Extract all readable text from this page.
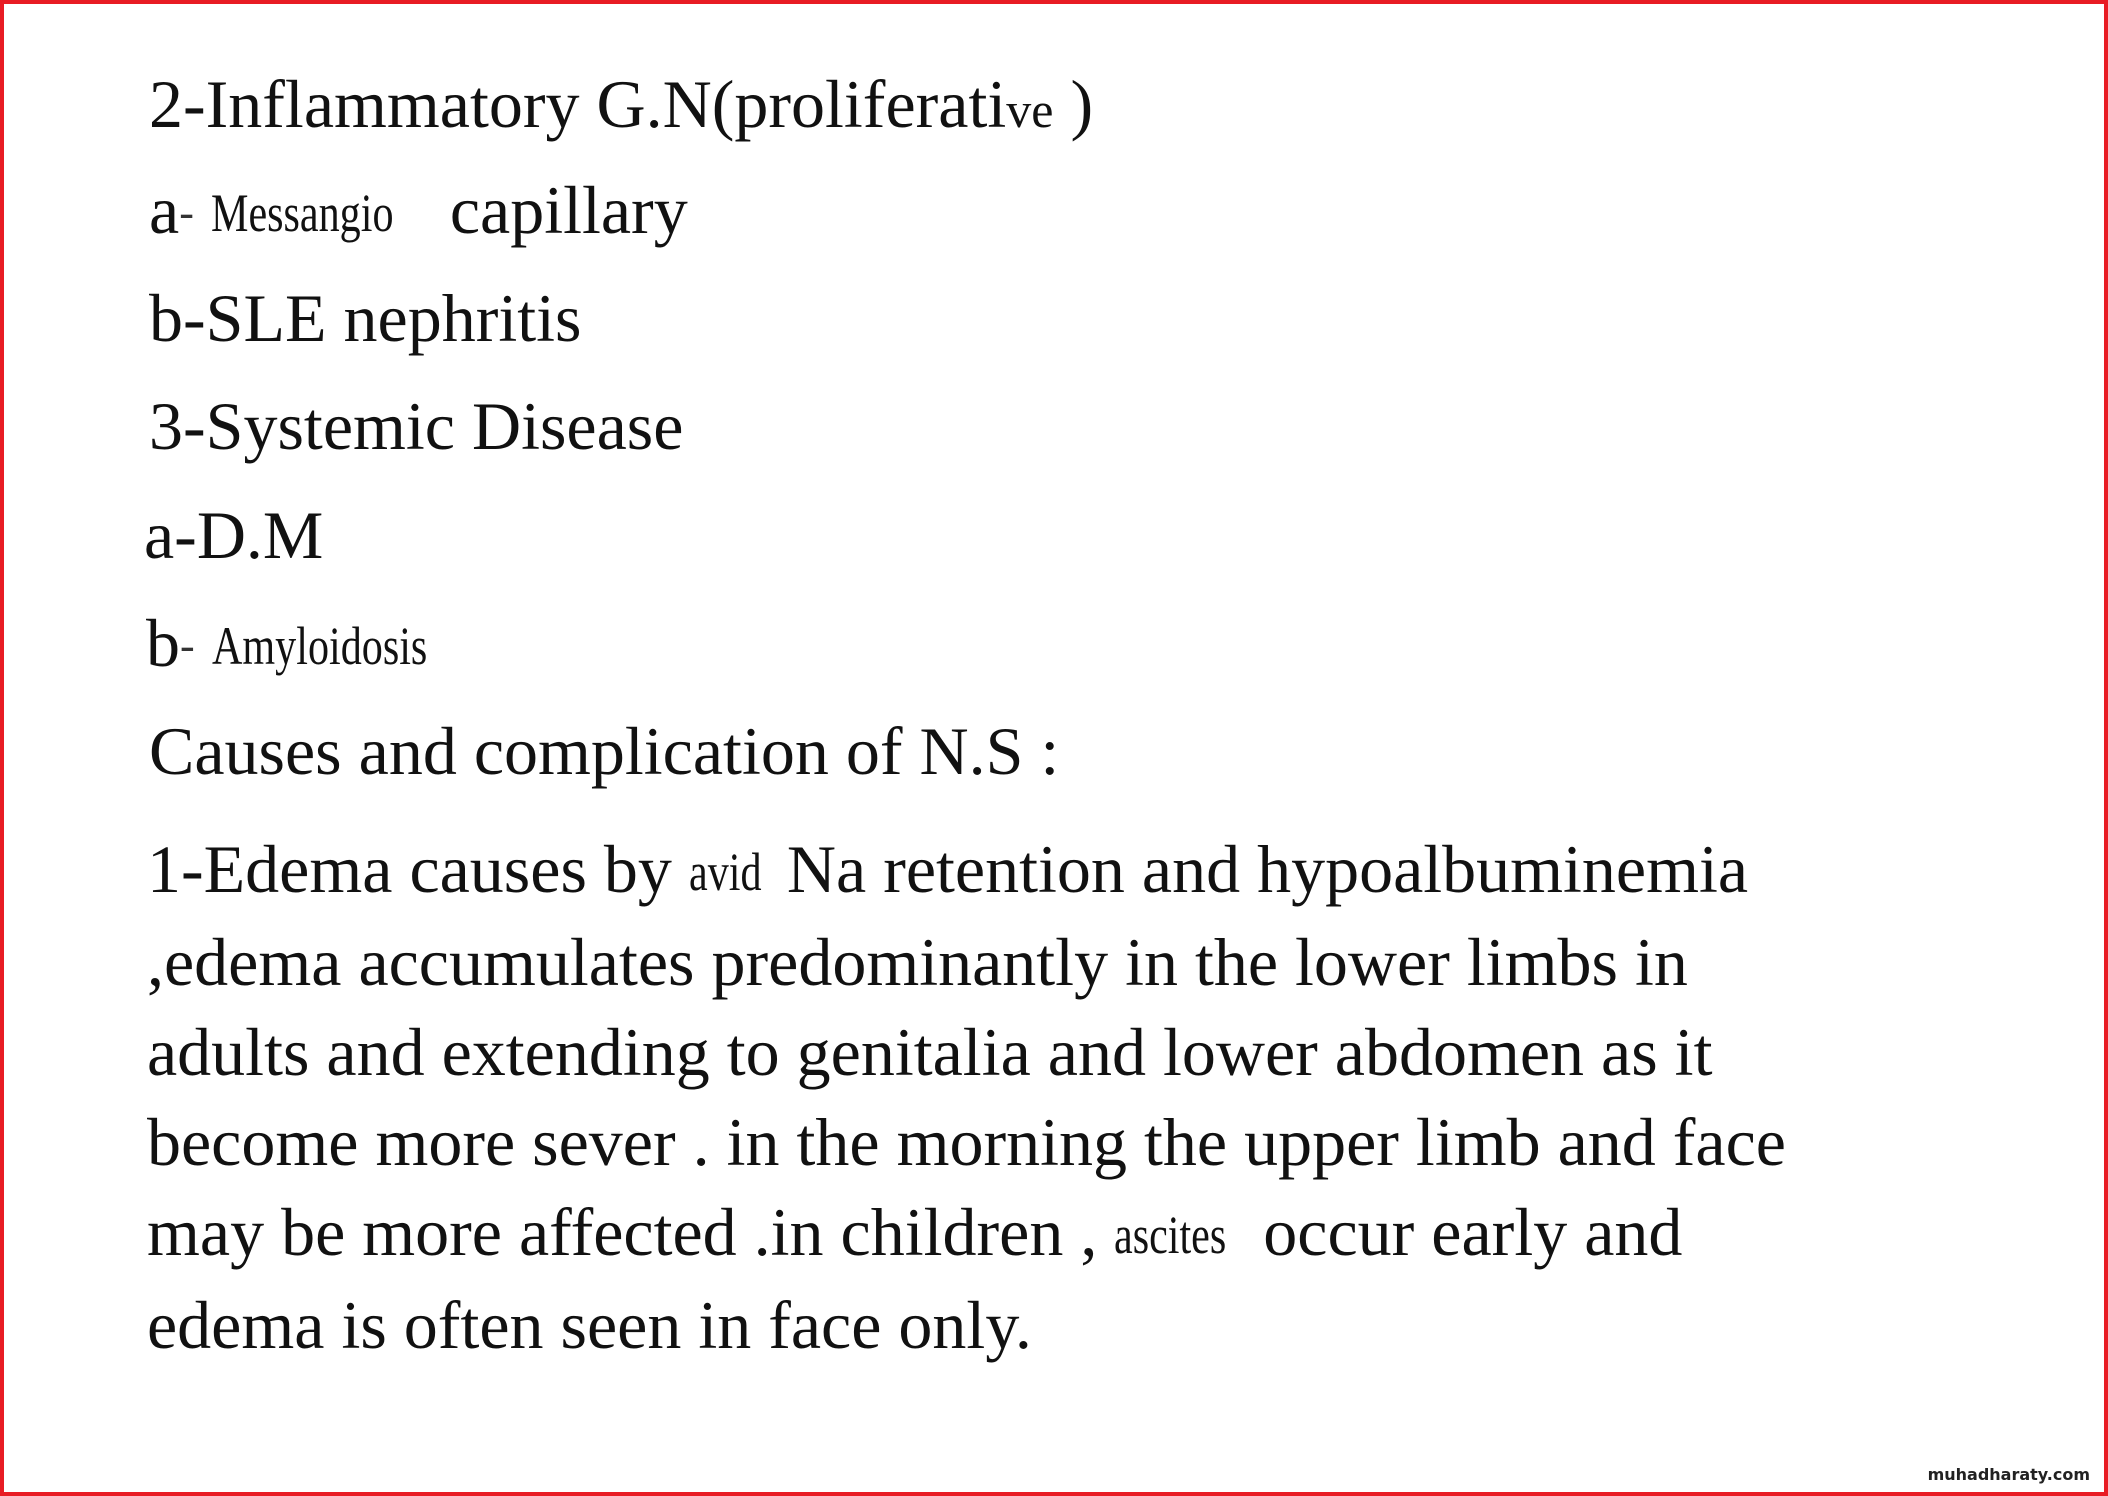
2-Inflammatory G.N(proliferative )

a- Messangio capillary

b-SLE nephritis

3-Systemic Disease

a-D.M

b- Amyloidosis

Causes and complication of N.S :

1-Edema causes by avid Na retention and hypoalbuminemia
,edema accumulates predominantly in the lower limbs in
adults and extending to genitalia and lower abdomen as it
become more sever . in the morning the upper limb and face
may be more affected .in children , ascites occur early and
edema is often seen in face only.

muhadharaty.com
